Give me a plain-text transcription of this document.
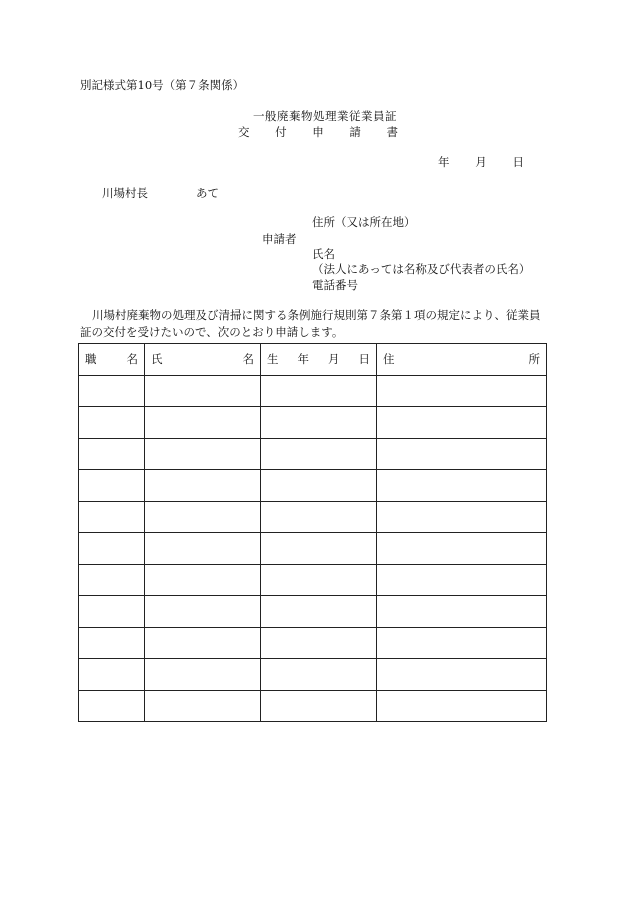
別記様式第10号（第７条関係）
一般廃棄物処理業従業員証
交 付 申 請 書
年 月 日
川場村長	あて
住所（又は所在地）
申請者
氏名
（法人にあっては名称及び代表者の氏名）
電話番号
川場村廃棄物の処理及び清掃に関する条例施行規則第７条第１項の規定により、従業員証の交付を受けたいので、次のとおり申請します。
職 名	氏 名	生 年 月 日	住 所
